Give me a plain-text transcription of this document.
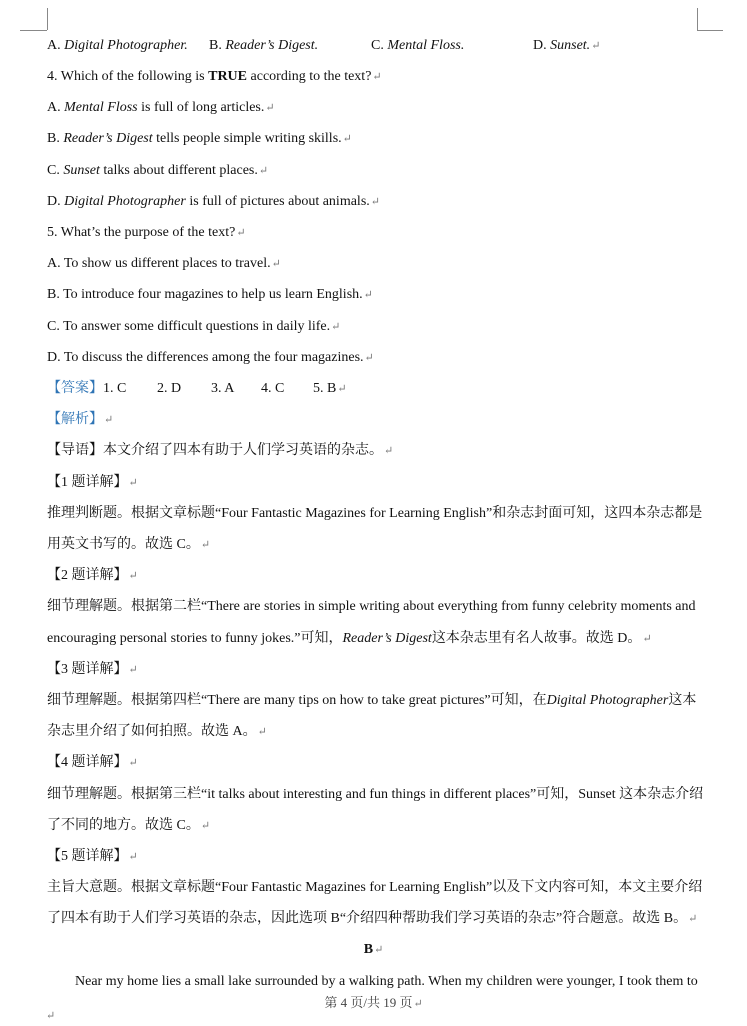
A. Digital Photographer. B. Reader’s Digest.	C. Mental Floss.	D. Sunset.↵
4. Which of the following is TRUE according to the text?↵
A. Mental Floss is full of long articles.↵
B. Reader’s Digest tells people simple writing skills.↵
C. Sunset talks about different places.↵
D. Digital Photographer is full of pictures about animals.↵
5. What’s the purpose of the text?↵
A. To show us different places to travel.↵
B. To introduce four magazines to help us learn English.↵
C. To answer some difficult questions in daily life.↵
D. To discuss the differences among the four magazines.↵
【答案】1. C 2. D 3. A 4. C 5. B↵
【解析】↵
【导语】本文介绍了四本有助于人们学习英语的杂志。↵
【1 题详解】↵
推理判断题。根据文章标题“Four Fantastic Magazines for Learning English”和杂志封面可知，这四本杂志都是
用英文书写的。故选 C。↵
【2 题详解】↵
细节理解题。根据第二栏“There are stories in simple writing about everything from funny celebrity moments and
encouraging personal stories to funny jokes.”可知，Reader’s Digest这本杂志里有名人故事。故选 D。↵
【3 题详解】↵
细节理解题。根据第四栏“There are many tips on how to take great pictures”可知，在Digital Photographer这本
杂志里介绍了如何拍照。故选 A。↵
【4 题详解】↵
细节理解题。根据第三栏“it talks about interesting and fun things in different places”可知，Sunset 这本杂志介绍
了不同的地方。故选 C。↵
【5 题详解】↵
主旨大意题。根据文章标题“Four Fantastic Magazines for Learning English”以及下文内容可知，本文主要介绍
了四本有助于人们学习英语的杂志，因此选项 B“介绍四种帮助我们学习英语的杂志”符合题意。故选 B。↵
B↵
Near my home lies a small lake surrounded by a walking path. When my children were younger, I took them to
第 4 页/共 19 页↵
↵
